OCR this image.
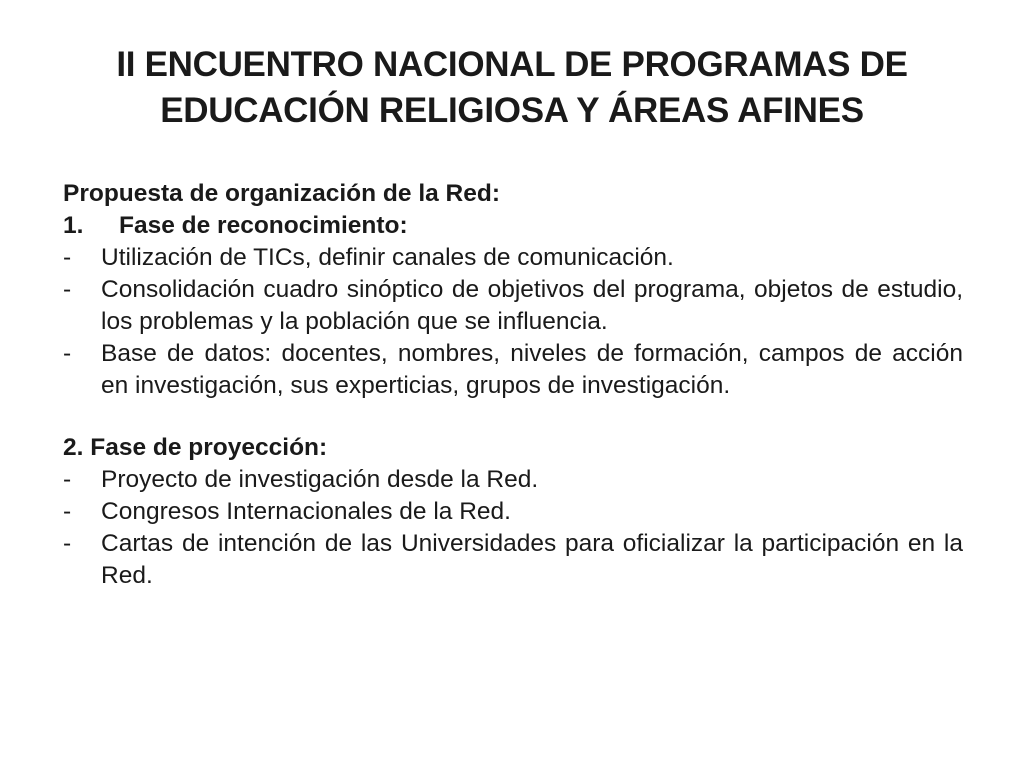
II ENCUENTRO NACIONAL DE PROGRAMAS DE EDUCACIÓN RELIGIOSA Y ÁREAS AFINES
Propuesta de organización de la Red:
1.	Fase de reconocimiento:
-	Utilización de TICs, definir canales de comunicación.
-	Consolidación cuadro sinóptico de objetivos del programa, objetos de estudio, los problemas y la población que se influencia.
-	Base de datos: docentes, nombres, niveles de formación, campos de acción en investigación, sus experticias, grupos de investigación.
2. Fase de proyección:
-	Proyecto de investigación desde la Red.
-	Congresos Internacionales de la Red.
-	Cartas de intención de las Universidades para oficializar la participación en la Red.
